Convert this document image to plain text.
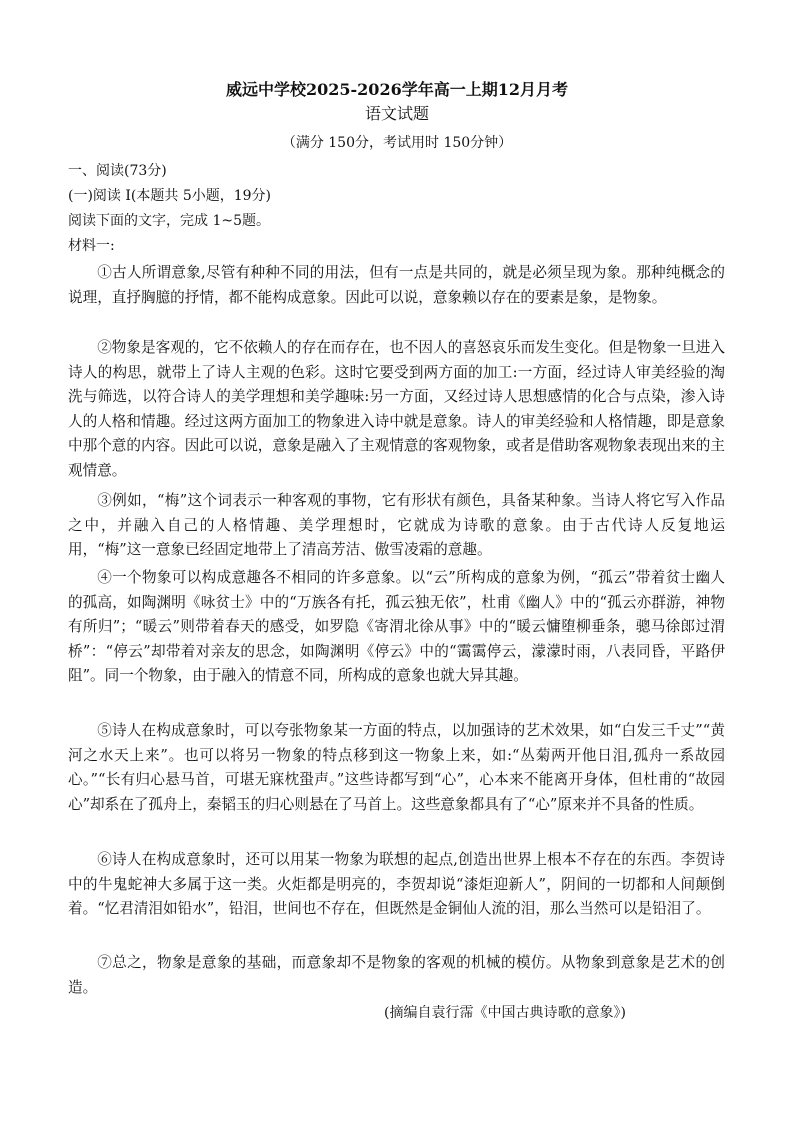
威远中学校2025-2026学年高一上期12月月考
语文试题
（满分 150分，考试用时 150分钟）
一、阅读(73分)
(一)阅读 I(本题共 5小题，19分)
阅读下面的文字，完成 1~5题。
材料一:

①古人所谓意象,尽管有种种不同的用法，但有一点是共同的，就是必须呈现为象。那种纯概念的说理，直抒胸臆的抒情，都不能构成意象。因此可以说，意象赖以存在的要素是象，是物象。

②物象是客观的，它不依赖人的存在而存在，也不因人的喜怒哀乐而发生变化。但是物象一旦进入诗人的构思，就带上了诗人主观的色彩。这时它要受到两方面的加工:一方面，经过诗人审美经验的淘洗与筛选，以符合诗人的美学理想和美学趣味:另一方面，又经过诗人思想感情的化合与点染，渗入诗人的人格和情趣。经过这两方面加工的物象进入诗中就是意象。诗人的审美经验和人格情趣，即是意象中那个意的内容。因此可以说，意象是融入了主观情意的客观物象，或者是借助客观物象表现出来的主观情意。

③例如，“梅”这个词表示一种客观的事物，它有形状有颜色，具备某种象。当诗人将它写入作品之中，并融入自己的人格情趣、美学理想时，它就成为诗歌的意象。由于古代诗人反复地运用，“梅”这一意象已经固定地带上了清高芳洁、傲雪凌霜的意趣。

④一个物象可以构成意趣各不相同的许多意象。以“云”所构成的意象为例，“孤云”带着贫士幽人的孤高，如陶渊明《咏贫士》中的“万族各有托，孤云独无依”，杜甫《幽人》中的“孤云亦群游，神物有所归”；“暖云”则带着春天的感受，如罗隐《寄渭北徐从事》中的“暖云慵堕柳垂条，骢马徐郎过渭桥”：“停云”却带着对亲友的思念，如陶渊明《停云》中的“霭霭停云，濛濛时雨，八表同昏，平路伊阻”。同一个物象，由于融入的情意不同，所构成的意象也就大异其趣。

⑤诗人在构成意象时，可以夸张物象某一方面的特点，以加强诗的艺术效果，如“白发三千丈”“黄河之水天上来”。也可以将另一物象的特点移到这一物象上来，如:“丛菊两开他日泪,孤舟一系故园心。”“长有归心悬马首，可堪无寐枕蛩声。”这些诗都写到“心”，心本来不能离开身体，但杜甫的“故园心”却系在了孤舟上，秦韬玉的归心则悬在了马首上。这些意象都具有了“心”原来并不具备的性质。

⑥诗人在构成意象时，还可以用某一物象为联想的起点,创造出世界上根本不存在的东西。李贺诗中的牛鬼蛇神大多属于这一类。火炬都是明亮的，李贺却说“漆炬迎新人”，阴间的一切都和人间颠倒着。“忆君清泪如铅水”，铅泪，世间也不存在，但既然是金铜仙人流的泪，那么当然可以是铅泪了。

⑦总之，物象是意象的基础，而意象却不是物象的客观的机械的模仿。从物象到意象是艺术的创造。

(摘编自袁行霈《中国古典诗歌的意象》)
